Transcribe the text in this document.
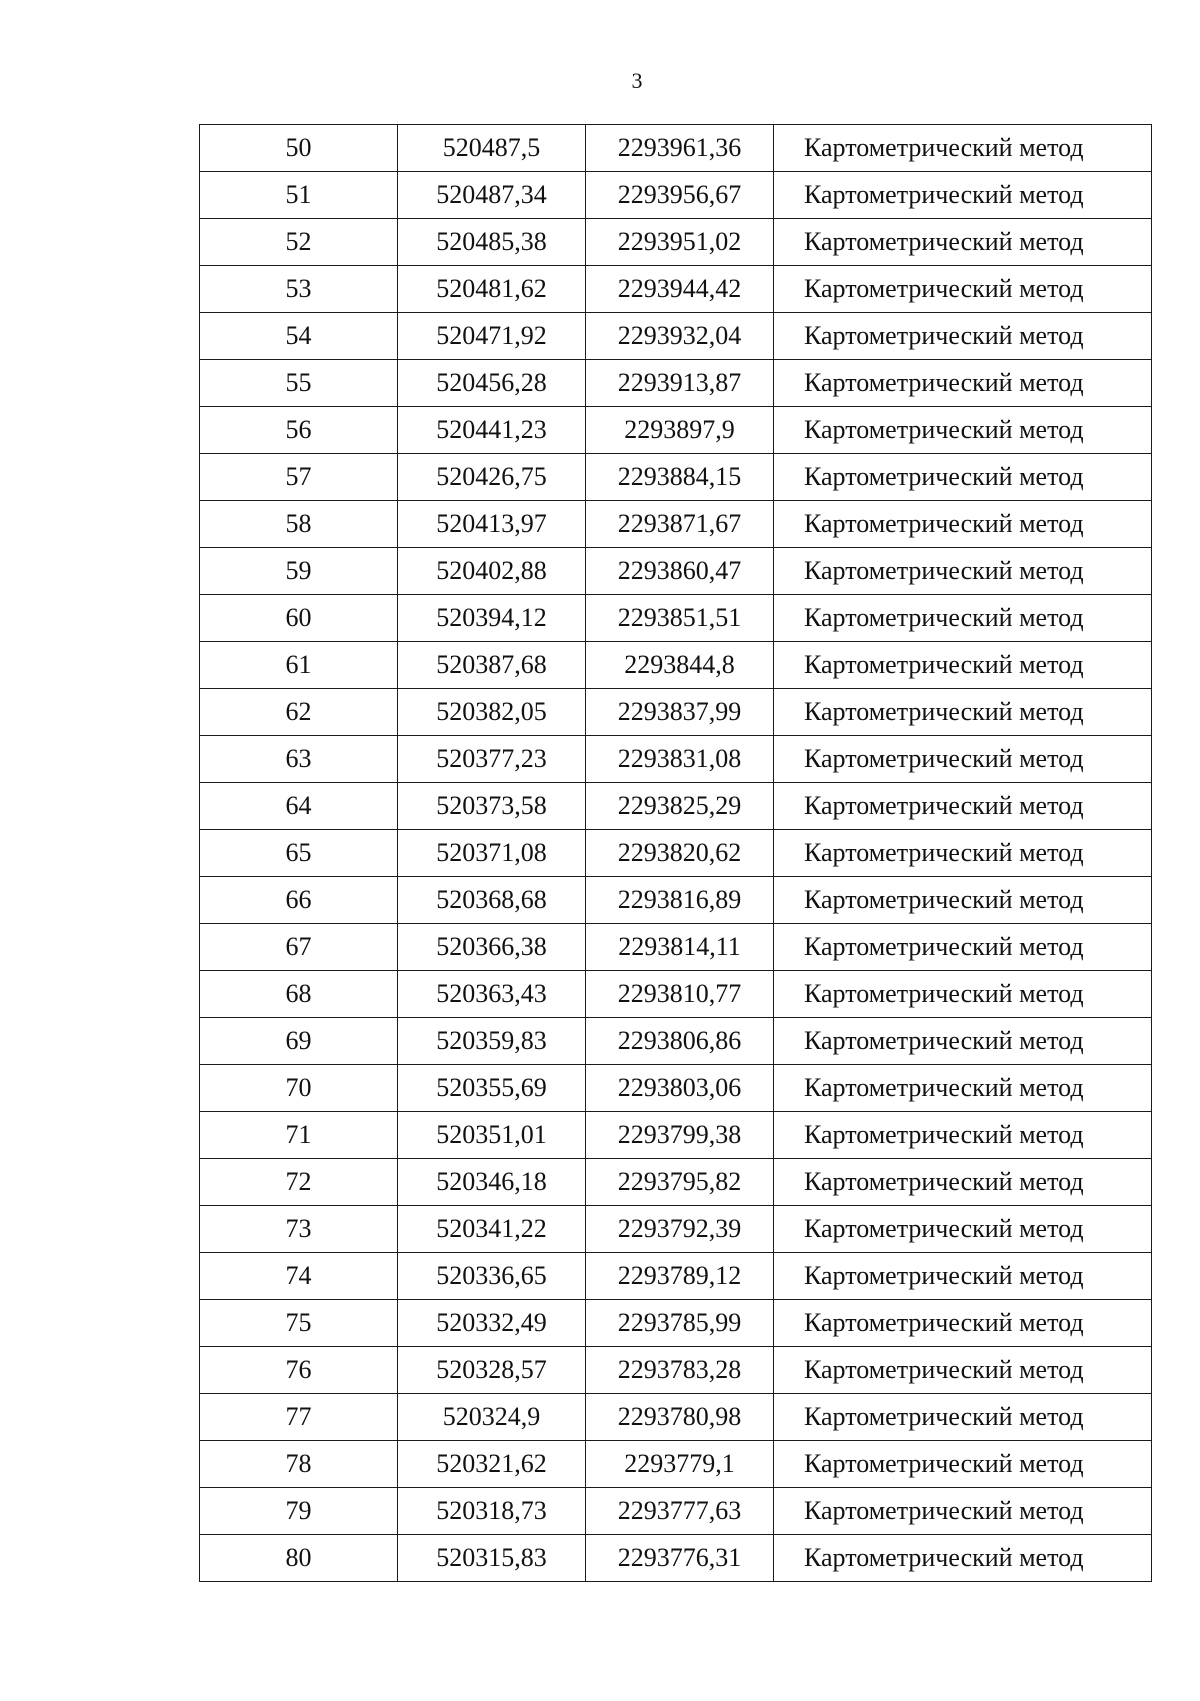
3
50	520487,5	2293961,36	Картометрический метод
51	520487,34	2293956,67	Картометрический метод
52	520485,38	2293951,02	Картометрический метод
53	520481,62	2293944,42	Картометрический метод
54	520471,92	2293932,04	Картометрический метод
55	520456,28	2293913,87	Картометрический метод
56	520441,23	2293897,9	Картометрический метод
57	520426,75	2293884,15	Картометрический метод
58	520413,97	2293871,67	Картометрический метод
59	520402,88	2293860,47	Картометрический метод
60	520394,12	2293851,51	Картометрический метод
61	520387,68	2293844,8	Картометрический метод
62	520382,05	2293837,99	Картометрический метод
63	520377,23	2293831,08	Картометрический метод
64	520373,58	2293825,29	Картометрический метод
65	520371,08	2293820,62	Картометрический метод
66	520368,68	2293816,89	Картометрический метод
67	520366,38	2293814,11	Картометрический метод
68	520363,43	2293810,77	Картометрический метод
69	520359,83	2293806,86	Картометрический метод
70	520355,69	2293803,06	Картометрический метод
71	520351,01	2293799,38	Картометрический метод
72	520346,18	2293795,82	Картометрический метод
73	520341,22	2293792,39	Картометрический метод
74	520336,65	2293789,12	Картометрический метод
75	520332,49	2293785,99	Картометрический метод
76	520328,57	2293783,28	Картометрический метод
77	520324,9	2293780,98	Картометрический метод
78	520321,62	2293779,1	Картометрический метод
79	520318,73	2293777,63	Картометрический метод
80	520315,83	2293776,31	Картометрический метод
